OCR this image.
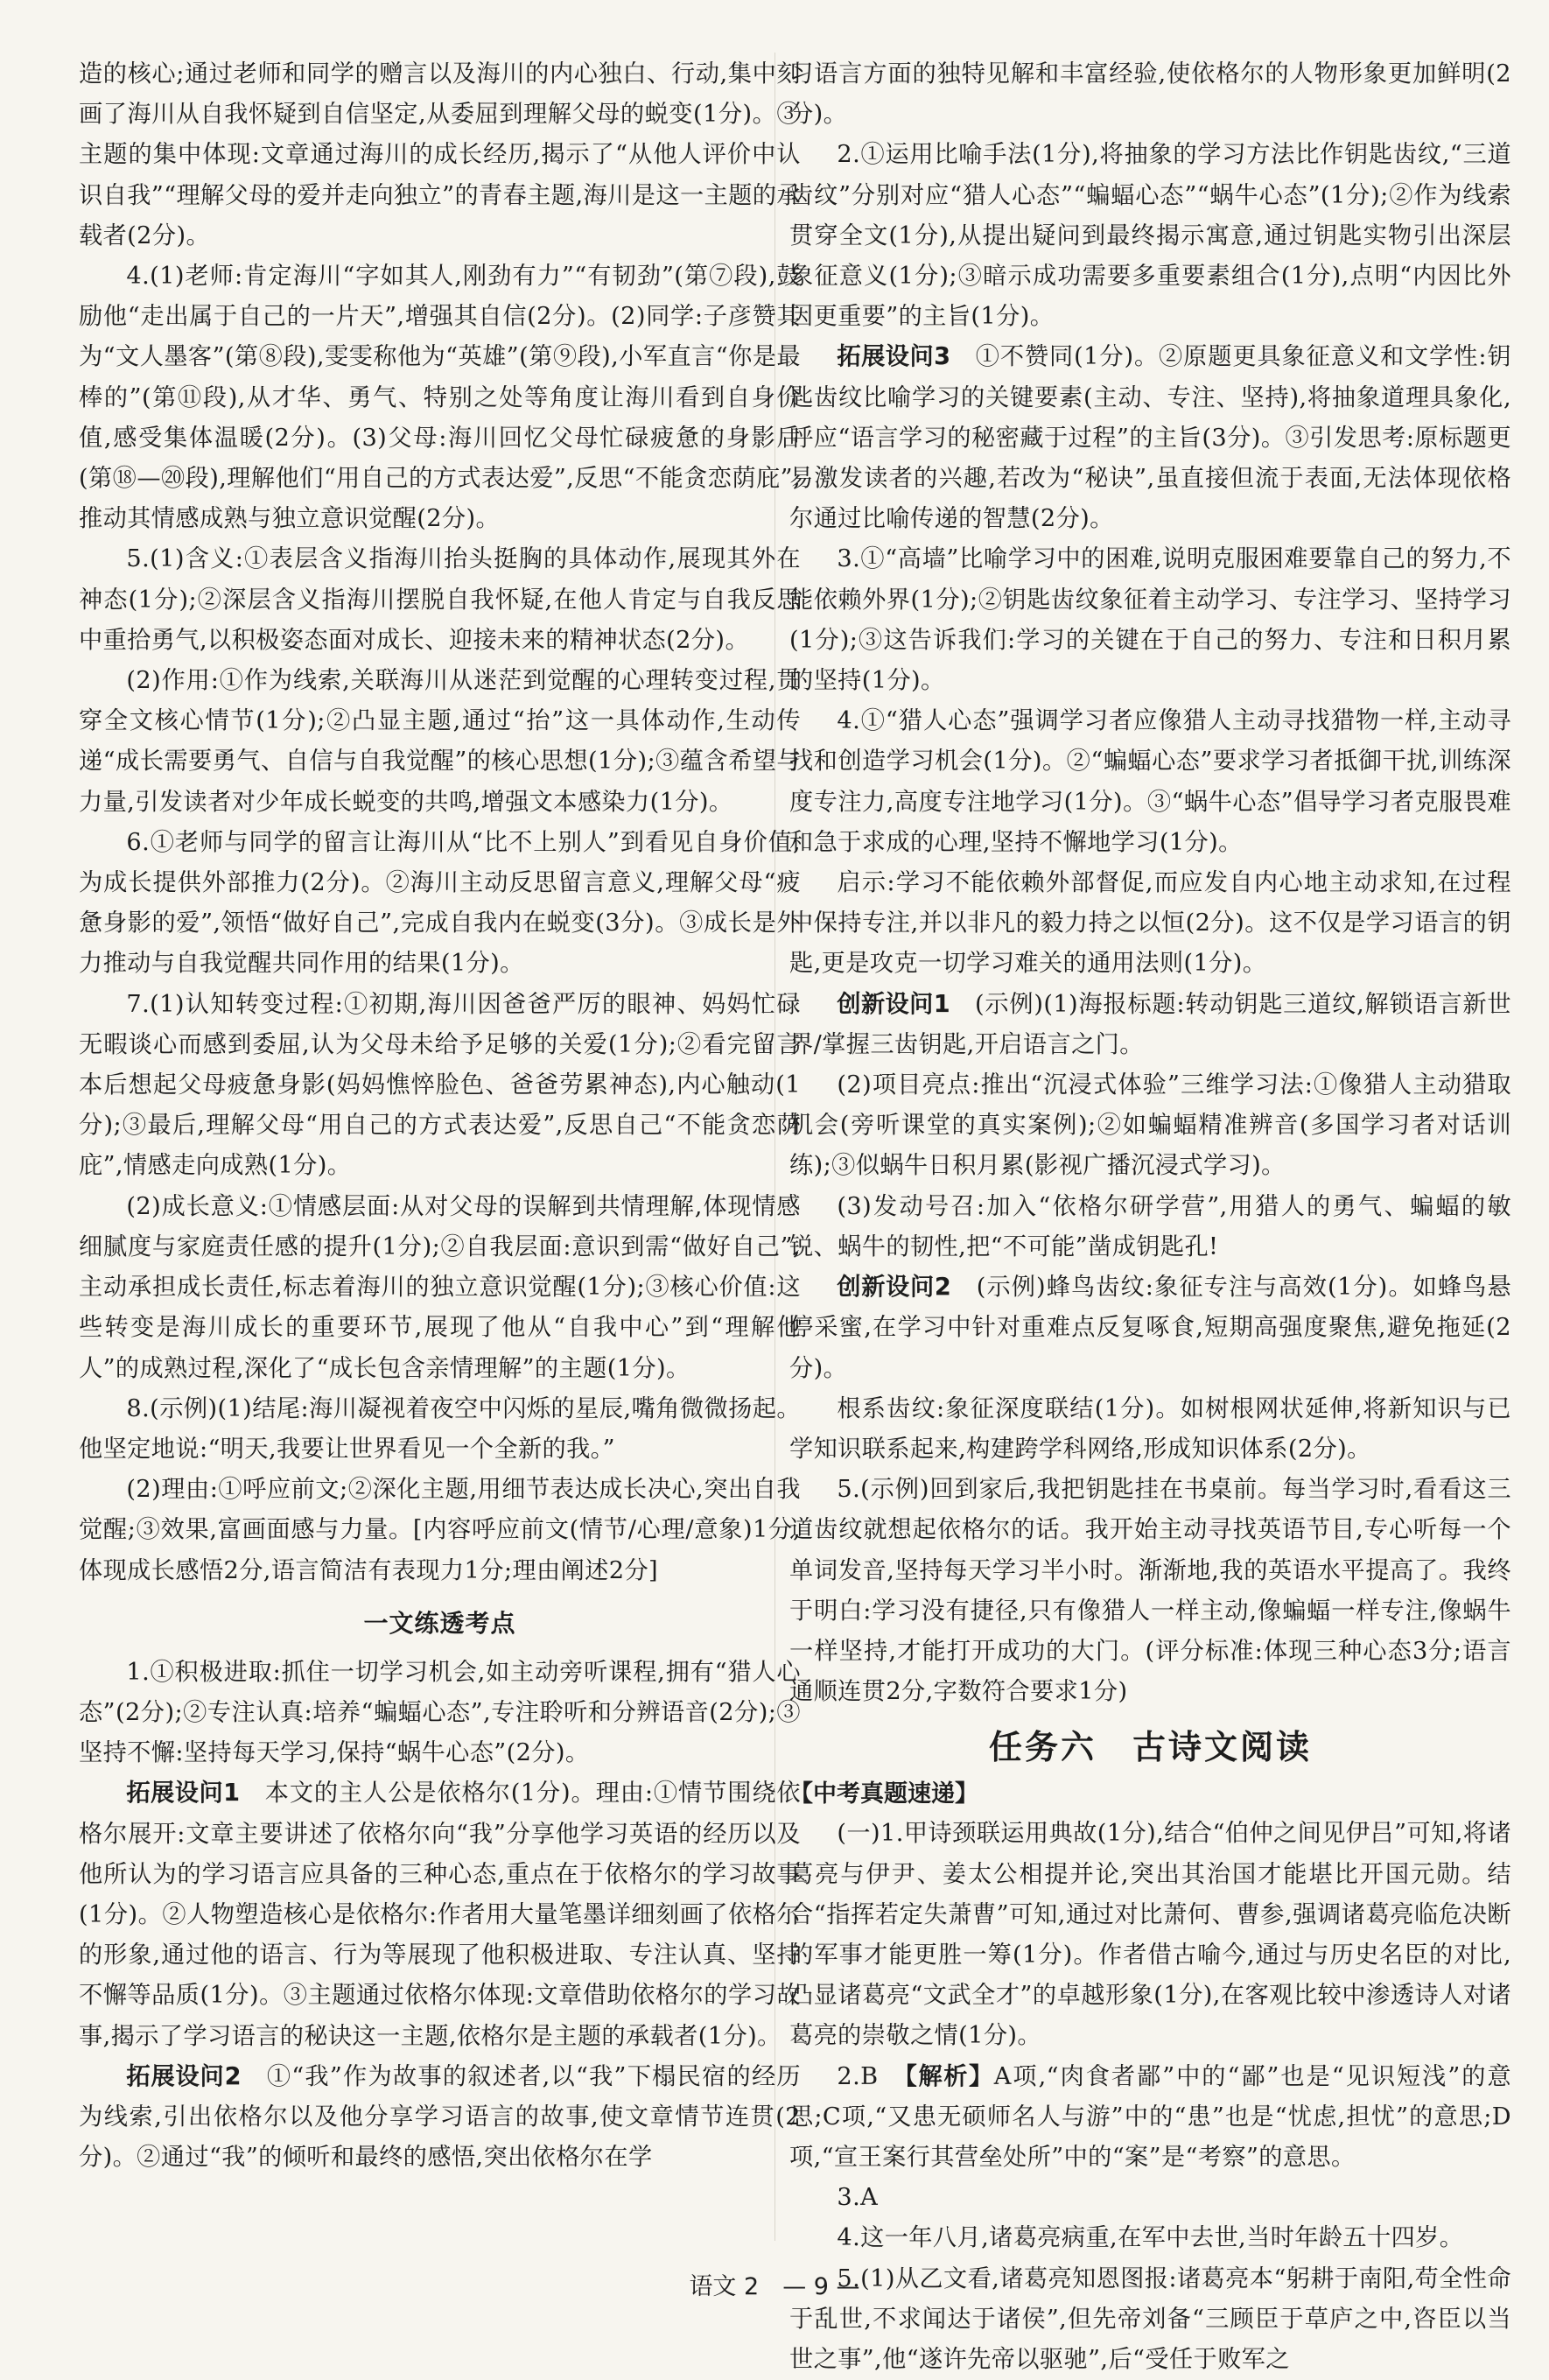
造的核心;通过老师和同学的赠言以及海川的内心独白、行动,集中刻画了海川从自我怀疑到自信坚定,从委屈到理解父母的蜕变(1分)。③主题的集中体现:文章通过海川的成长经历,揭示了“从他人评价中认识自我”“理解父母的爱并走向独立”的青春主题,海川是这一主题的承载者(2分)。

4.(1)老师:肯定海川“字如其人,刚劲有力”“有韧劲”(第⑦段),鼓励他“走出属于自己的一片天”,增强其自信(2分)。(2)同学:子彦赞其为“文人墨客”(第⑧段),雯雯称他为“英雄”(第⑨段),小军直言“你是最棒的”(第⑪段),从才华、勇气、特别之处等角度让海川看到自身价值,感受集体温暖(2分)。(3)父母:海川回忆父母忙碌疲惫的身影后(第⑱—⑳段),理解他们“用自己的方式表达爱”,反思“不能贪恋荫庇”,推动其情感成熟与独立意识觉醒(2分)。

5.(1)含义:①表层含义指海川抬头挺胸的具体动作,展现其外在神态(1分);②深层含义指海川摆脱自我怀疑,在他人肯定与自我反思中重拾勇气,以积极姿态面对成长、迎接未来的精神状态(2分)。

(2)作用:①作为线索,关联海川从迷茫到觉醒的心理转变过程,贯穿全文核心情节(1分);②凸显主题,通过“抬”这一具体动作,生动传递“成长需要勇气、自信与自我觉醒”的核心思想(1分);③蕴含希望与力量,引发读者对少年成长蜕变的共鸣,增强文本感染力(1分)。

6.①老师与同学的留言让海川从“比不上别人”到看见自身价值,为成长提供外部推力(2分)。②海川主动反思留言意义,理解父母“疲惫身影的爱”,领悟“做好自己”,完成自我内在蜕变(3分)。③成长是外力推动与自我觉醒共同作用的结果(1分)。

7.(1)认知转变过程:①初期,海川因爸爸严厉的眼神、妈妈忙碌无暇谈心而感到委屈,认为父母未给予足够的关爱(1分);②看完留言本后想起父母疲惫身影(妈妈憔悴脸色、爸爸劳累神态),内心触动(1分);③最后,理解父母“用自己的方式表达爱”,反思自己“不能贪恋荫庇”,情感走向成熟(1分)。

(2)成长意义:①情感层面:从对父母的误解到共情理解,体现情感细腻度与家庭责任感的提升(1分);②自我层面:意识到需“做好自己”,主动承担成长责任,标志着海川的独立意识觉醒(1分);③核心价值:这些转变是海川成长的重要环节,展现了他从“自我中心”到“理解他人”的成熟过程,深化了“成长包含亲情理解”的主题(1分)。

8.(示例)(1)结尾:海川凝视着夜空中闪烁的星辰,嘴角微微扬起。他坚定地说:“明天,我要让世界看见一个全新的我。”

(2)理由:①呼应前文;②深化主题,用细节表达成长决心,突出自我觉醒;③效果,富画面感与力量。[内容呼应前文(情节/心理/意象)1分,体现成长感悟2分,语言简洁有表现力1分;理由阐述2分]

一文练透考点

1.①积极进取:抓住一切学习机会,如主动旁听课程,拥有“猎人心态”(2分);②专注认真:培养“蝙蝠心态”,专注聆听和分辨语音(2分);③坚持不懈:坚持每天学习,保持“蜗牛心态”(2分)。

拓展设问1　 本文的主人公是依格尔(1分)。理由:①情节围绕依格尔展开:文章主要讲述了依格尔向“我”分享他学习英语的经历以及他所认为的学习语言应具备的三种心态,重点在于依格尔的学习故事(1分)。②人物塑造核心是依格尔:作者用大量笔墨详细刻画了依格尔的形象,通过他的语言、行为等展现了他积极进取、专注认真、坚持不懈等品质(1分)。③主题通过依格尔体现:文章借助依格尔的学习故事,揭示了学习语言的秘诀这一主题,依格尔是主题的承载者(1分)。

拓展设问2　 ①“我”作为故事的叙述者,以“我”下榻民宿的经历为线索,引出依格尔以及他分享学习语言的故事,使文章情节连贯(2分)。②通过“我”的倾听和最终的感悟,突出依格尔在学

习语言方面的独特见解和丰富经验,使依格尔的人物形象更加鲜明(2分)。

2.①运用比喻手法(1分),将抽象的学习方法比作钥匙齿纹,“三道齿纹”分别对应“猎人心态”“蝙蝠心态”“蜗牛心态”(1分);②作为线索贯穿全文(1分),从提出疑问到最终揭示寓意,通过钥匙实物引出深层象征意义(1分);③暗示成功需要多重要素组合(1分),点明“内因比外因更重要”的主旨(1分)。

拓展设问3　 ①不赞同(1分)。②原题更具象征意义和文学性:钥匙齿纹比喻学习的关键要素(主动、专注、坚持),将抽象道理具象化,呼应“语言学习的秘密藏于过程”的主旨(3分)。③引发思考:原标题更易激发读者的兴趣,若改为“秘诀”,虽直接但流于表面,无法体现依格尔通过比喻传递的智慧(2分)。

3.①“高墙”比喻学习中的困难,说明克服困难要靠自己的努力,不能依赖外界(1分);②钥匙齿纹象征着主动学习、专注学习、坚持学习(1分);③这告诉我们:学习的关键在于自己的努力、专注和日积月累的坚持(1分)。

4.①“猎人心态”强调学习者应像猎人主动寻找猎物一样,主动寻找和创造学习机会(1分)。②“蝙蝠心态”要求学习者抵御干扰,训练深度专注力,高度专注地学习(1分)。③“蜗牛心态”倡导学习者克服畏难和急于求成的心理,坚持不懈地学习(1分)。

启示:学习不能依赖外部督促,而应发自内心地主动求知,在过程中保持专注,并以非凡的毅力持之以恒(2分)。这不仅是学习语言的钥匙,更是攻克一切学习难关的通用法则(1分)。

创新设问1　 (示例)(1)海报标题:转动钥匙三道纹,解锁语言新世界/掌握三齿钥匙,开启语言之门。

(2)项目亮点:推出“沉浸式体验”三维学习法:①像猎人主动猎取机会(旁听课堂的真实案例);②如蝙蝠精准辨音(多国学习者对话训练);③似蜗牛日积月累(影视广播沉浸式学习)。

(3)发动号召:加入“依格尔研学营”,用猎人的勇气、蝙蝠的敏锐、蜗牛的韧性,把“不可能”凿成钥匙孔!

创新设问2　 (示例)蜂鸟齿纹:象征专注与高效(1分)。如蜂鸟悬停采蜜,在学习中针对重难点反复啄食,短期高强度聚焦,避免拖延(2分)。

根系齿纹:象征深度联结(1分)。如树根网状延伸,将新知识与已学知识联系起来,构建跨学科网络,形成知识体系(2分)。

5.(示例)回到家后,我把钥匙挂在书桌前。每当学习时,看看这三道齿纹就想起依格尔的话。我开始主动寻找英语节目,专心听每一个单词发音,坚持每天学习半小时。渐渐地,我的英语水平提高了。我终于明白:学习没有捷径,只有像猎人一样主动,像蝙蝠一样专注,像蜗牛一样坚持,才能打开成功的大门。(评分标准:体现三种心态3分;语言通顺连贯2分,字数符合要求1分)

任务六　古诗文阅读
【中考真题速递】

(一)1.甲诗颈联运用典故(1分),结合“伯仲之间见伊吕”可知,将诸葛亮与伊尹、姜太公相提并论,突出其治国才能堪比开国元勋。结合“指挥若定失萧曹”可知,通过对比萧何、曹参,强调诸葛亮临危决断的军事才能更胜一筹(1分)。作者借古喻今,通过与历史名臣的对比,凸显诸葛亮“文武全才”的卓越形象(1分),在客观比较中渗透诗人对诸葛亮的崇敬之情(1分)。

2.B　 【解析】A项,“肉食者鄙”中的“鄙”也是“见识短浅”的意思;C项,“又患无硕师名人与游”中的“患”也是“忧虑,担忧”的意思;D项,“宣王案行其营垒处所”中的“案”是“考察”的意思。

3.A

4.这一年八月,诸葛亮病重,在军中去世,当时年龄五十四岁。

5.(1)从乙文看,诸葛亮知恩图报:诸葛亮本“躬耕于南阳,苟全性命于乱世,不求闻达于诸侯”,但先帝刘备“三顾臣于草庐之中,咨臣以当世之事”,他“遂许先帝以驱驰”,后“受任于败军之

语文 2　— 9 —
